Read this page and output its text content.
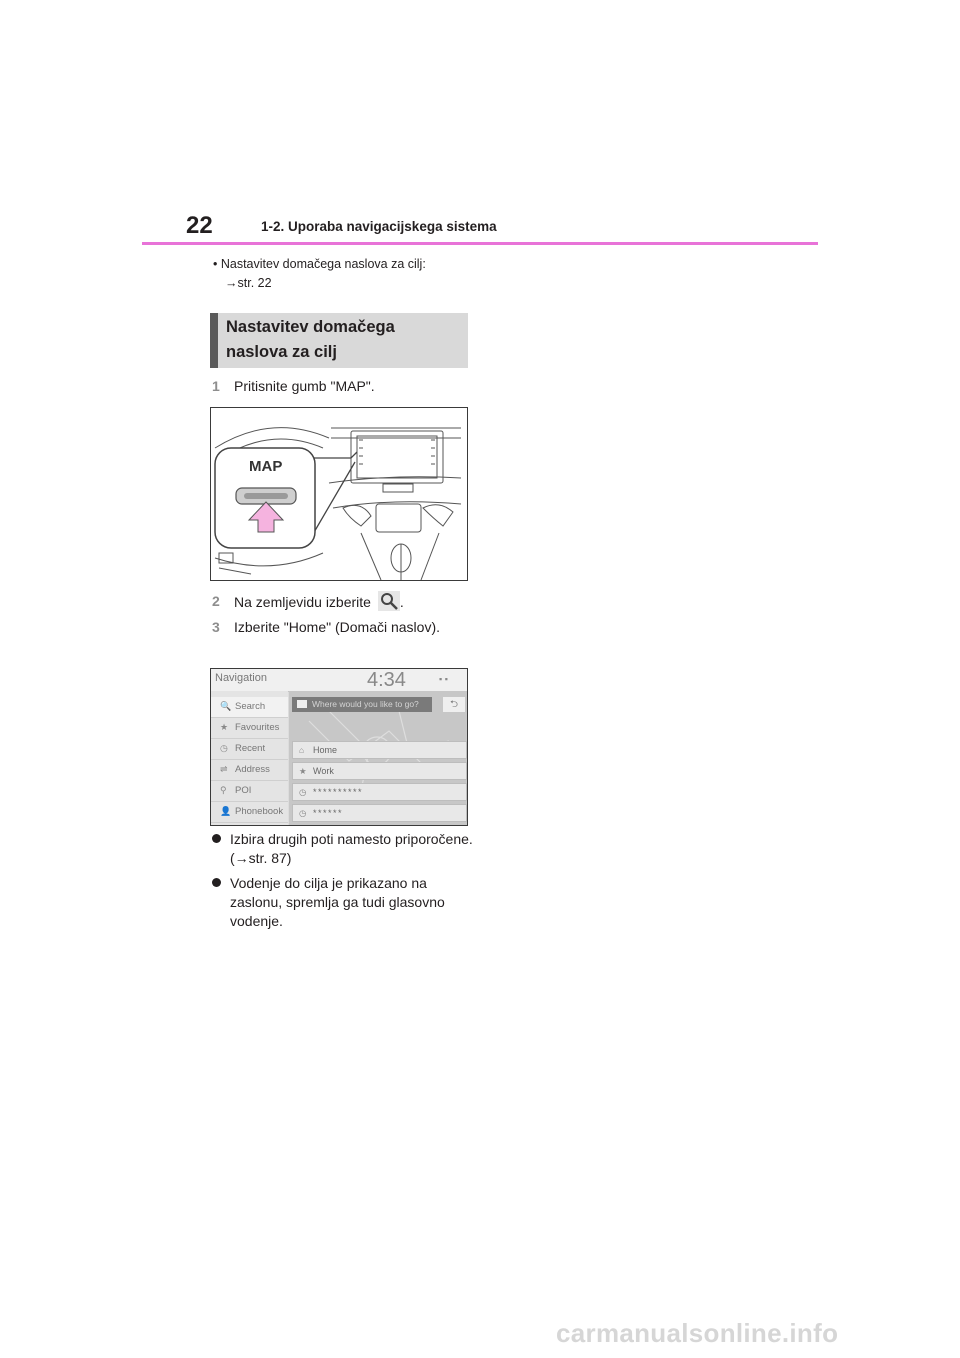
22	1-2. Uporaba navigacijskega sistema
• Nastavitev domačega naslova za cilj:
→str. 22
Nastavitev domačega
naslova za cilj
1 Pritisnite gumb "MAP".
MAP
2 Na zemljevidu izberite .
3 Izberite "Home" (Domači naslov).
Navigation	4:34	▪ ▪
🔍 Search
★ Favourites
◷ Recent
⇌ Address
⚲ POI
👤 Phonebook
Where would you like to go?	⮌
⌂ Home
★ Work
◷ **********
◷ ******
Izbira drugih poti namesto priporočene. (→str. 87)
Vodenje do cilja je prikazano na zaslonu, spremlja ga tudi glasovno vodenje.
carmanualsonline.info
